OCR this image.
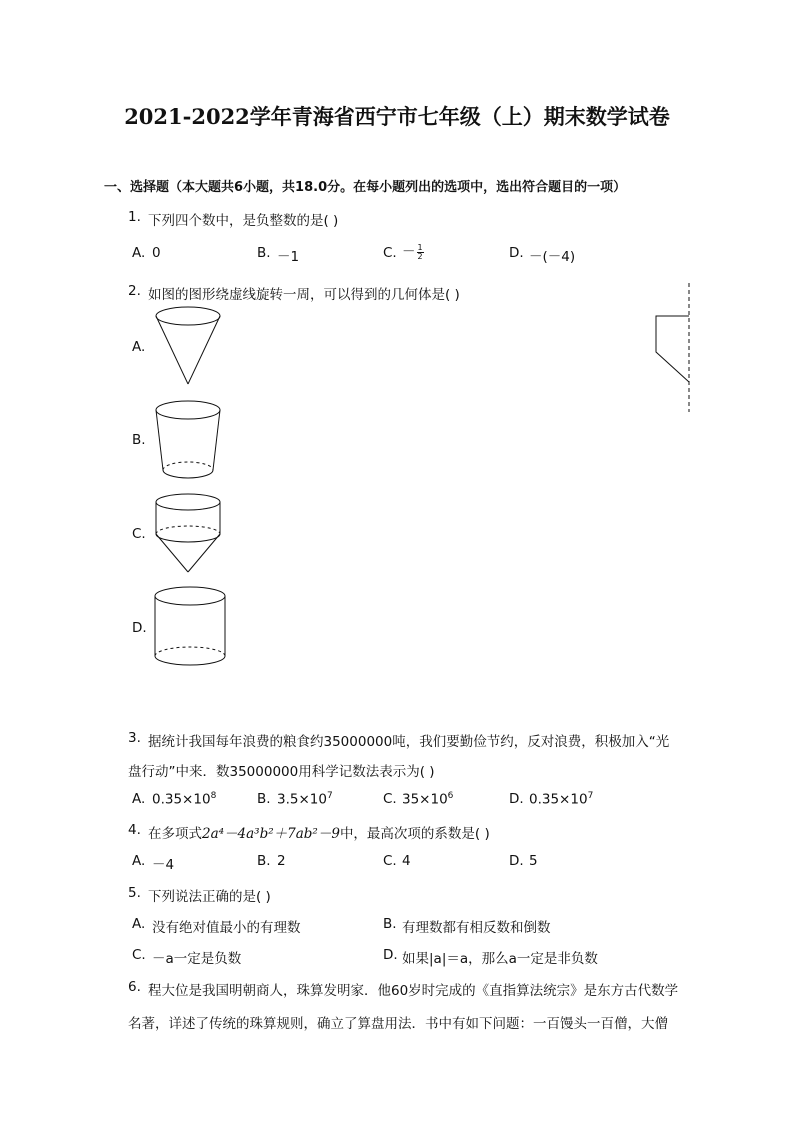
2021-2022学年青海省西宁市七年级（上）期末数学试卷
一、选择题（本大题共6小题，共18.0分。在每小题列出的选项中，选出符合题目的一项）
1. 下列四个数中，是负整数的是( )
A. 0	B. －1	C. － $\frac{1}{2}$	D. －(－4)
2. 如图的图形绕虚线旋转一周，可以得到的几何体是( )
A.
B.
C.
D.
3. 据统计我国每年浪费的粮食约35000000吨，我们要勤俭节约，反对浪费，积极加入“光
盘行动”中来．数35000000用科学记数法表示为( )
A. $0.35\times 10^8$	B. $3.5\times 10^7$	C. $35\times 10^6$	D. $0.35\times 10^7$
4. 在多项式2a⁴－4a³b²＋7ab²－9中，最高次项的系数是( )
A. －4	B. 2	C. 4	D. 5
5. 下列说法正确的是( )
A. 没有绝对值最小的有理数	B. 有理数都有相反数和倒数
C. －a一定是负数	D. 如果|a|＝a，那么a一定是非负数
6. 程大位是我国明朝商人，珠算发明家．他60岁时完成的《直指算法统宗》是东方古代数学
名著，详述了传统的珠算规则，确立了算盘用法．书中有如下问题：一百馒头一百僧，大僧
